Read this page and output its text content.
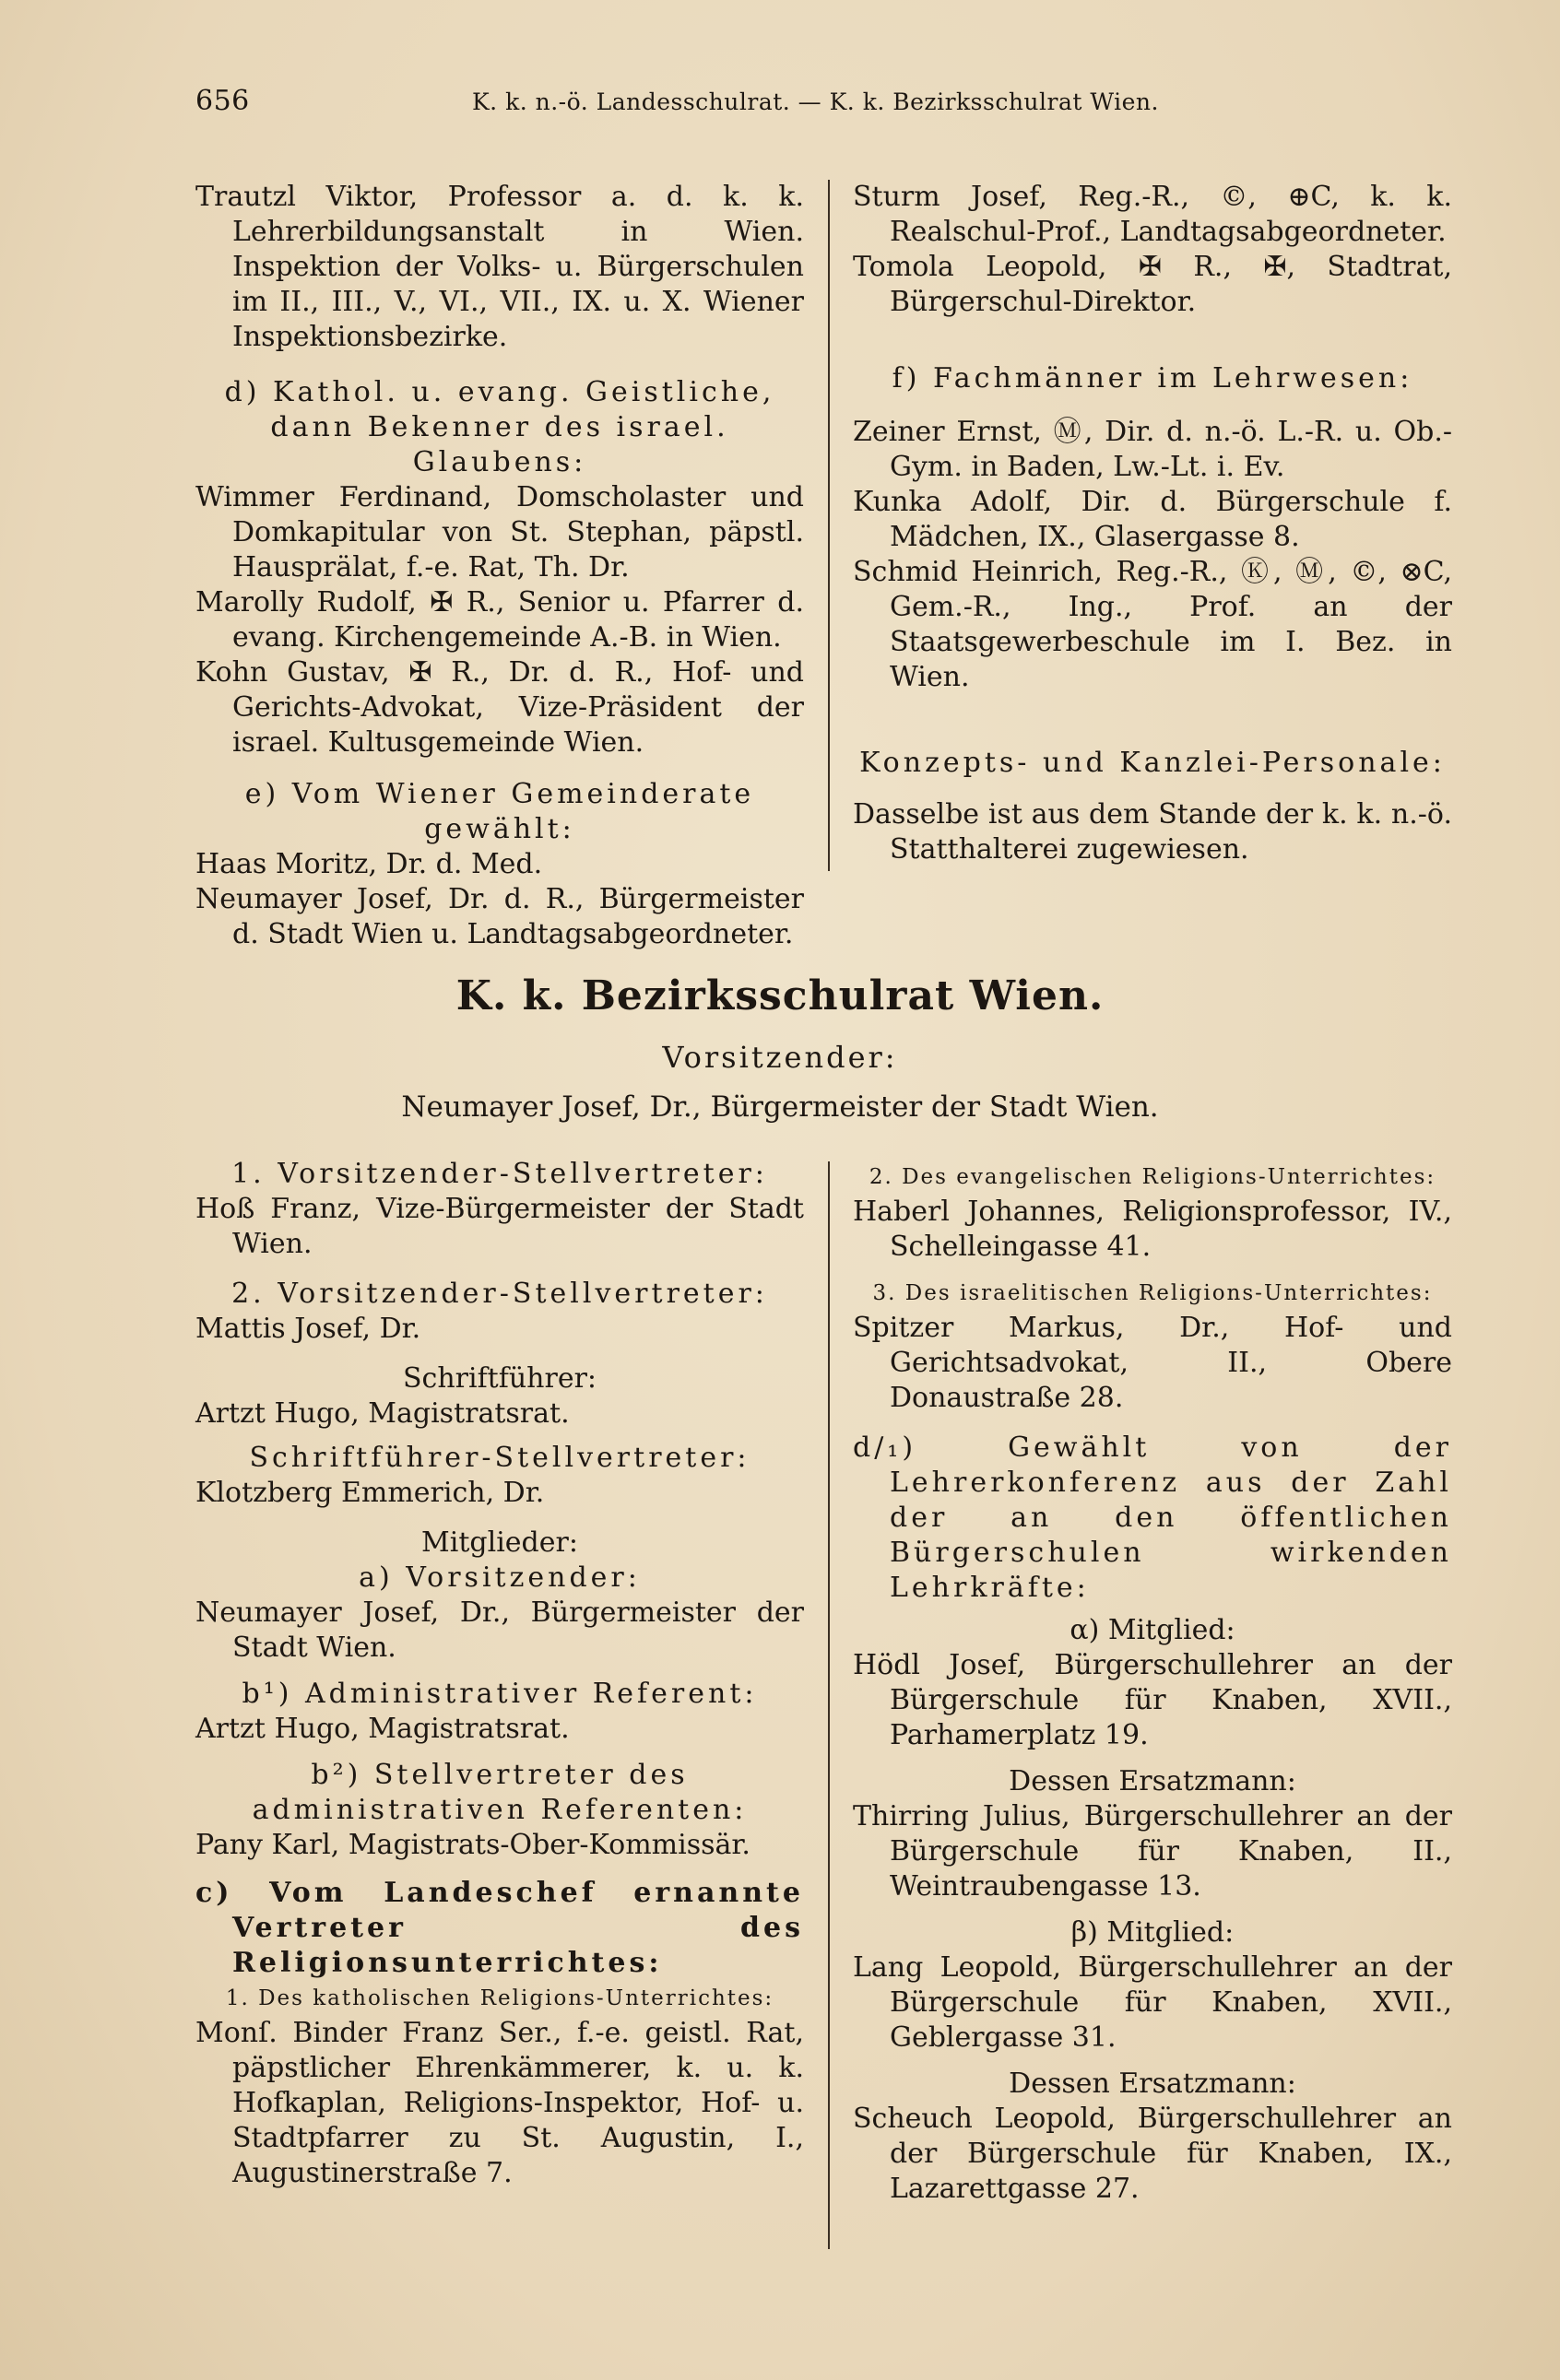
656	K. k. n.-ö. Landesschulrat. — K. k. Bezirksschulrat Wien.

Trautzl Viktor, Professor a. d. k. k. Lehrerbildungsanstalt in Wien. Inspektion der Volks- u. Bürgerschulen im II., III., V., VI., VII., IX. u. X. Wiener Inspektionsbezirke.

d) Kathol. u. evang. Geistliche, dann Bekenner des israel. Glaubens:

Wimmer Ferdinand, Domscholaster und Domkapitular von St. Stephan, päpstl. Hausprälat, f.-e. Rat, Th. Dr.

Marolly Rudolf, ✠ R., Senior u. Pfarrer d. evang. Kirchengemeinde A.-B. in Wien.

Kohn Gustav, ✠ R., Dr. d. R., Hof- und Gerichts-Advokat, Vize-Präsident der israel. Kultusgemeinde Wien.

e) Vom Wiener Gemeinderate gewählt:

Haas Moritz, Dr. d. Med.

Neumayer Josef, Dr. d. R., Bürgermeister d. Stadt Wien u. Landtagsabgeordneter.

Sturm Josef, Reg.-R., ©, ⊕C, k. k. Realschul-Prof., Landtagsabgeordneter.

Tomola Leopold, ✠ R., ✠, Stadtrat, Bürgerschul-Direktor.

f) Fachmänner im Lehrwesen:

Zeiner Ernst, Ⓜ, Dir. d. n.-ö. L.-R. u. Ob.-Gym. in Baden, Lw.-Lt. i. Ev.

Kunka Adolf, Dir. d. Bürgerschule f. Mädchen, IX., Glasergasse 8.

Schmid Heinrich, Reg.-R., Ⓚ, Ⓜ, ©, ⊗C, Gem.-R., Ing., Prof. an der Staatsgewerbeschule im I. Bez. in Wien.

Konzepts- und Kanzlei-Personale:

Dasselbe ist aus dem Stande der k. k. n.-ö. Statthalterei zugewiesen.

K. k. Bezirksschulrat Wien.
Vorsitzender:
Neumayer Josef, Dr., Bürgermeister der Stadt Wien.

1. Vorsitzender-Stellvertreter:

Hoß Franz, Vize-Bürgermeister der Stadt Wien.

2. Vorsitzender-Stellvertreter:

Mattis Josef, Dr.

Schriftführer:

Artzt Hugo, Magistratsrat.

Schriftführer-Stellvertreter:

Klotzberg Emmerich, Dr.

Mitglieder:

a) Vorsitzender:

Neumayer Josef, Dr., Bürgermeister der Stadt Wien.

b¹) Administrativer Referent:

Artzt Hugo, Magistratsrat.

b²) Stellvertreter des administrativen Referenten:

Pany Karl, Magistrats-Ober-Kommissär.

c) Vom Landeschef ernannte Vertreter des Religionsunterrichtes:

1. Des katholischen Religions-Unterrichtes:

Monſ. Binder Franz Ser., f.-e. geistl. Rat, päpstlicher Ehrenkämmerer, k. u. k. Hofkaplan, Religions-Inspektor, Hof- u. Stadtpfarrer zu St. Augustin, I., Augustinerstraße 7.

2. Des evangelischen Religions-Unterrichtes:

Haberl Johannes, Religionsprofessor, IV., Schelleingasse 41.

3. Des israelitischen Religions-Unterrichtes:

Spitzer Markus, Dr., Hof- und Gerichtsadvokat, II., Obere Donaustraße 28.

d/₁) Gewählt von der Lehrerkonferenz aus der Zahl der an den öffentlichen Bürgerschulen wirkenden Lehrkräfte:

α) Mitglied:

Hödl Josef, Bürgerschullehrer an der Bürgerschule für Knaben, XVII., Parhamerplatz 19.

Dessen Ersatzmann:

Thirring Julius, Bürgerschullehrer an der Bürgerschule für Knaben, II., Weintraubengasse 13.

β) Mitglied:

Lang Leopold, Bürgerschullehrer an der Bürgerschule für Knaben, XVII., Geblergasse 31.

Dessen Ersatzmann:

Scheuch Leopold, Bürgerschullehrer an der Bürgerschule für Knaben, IX., Lazarettgasse 27.
